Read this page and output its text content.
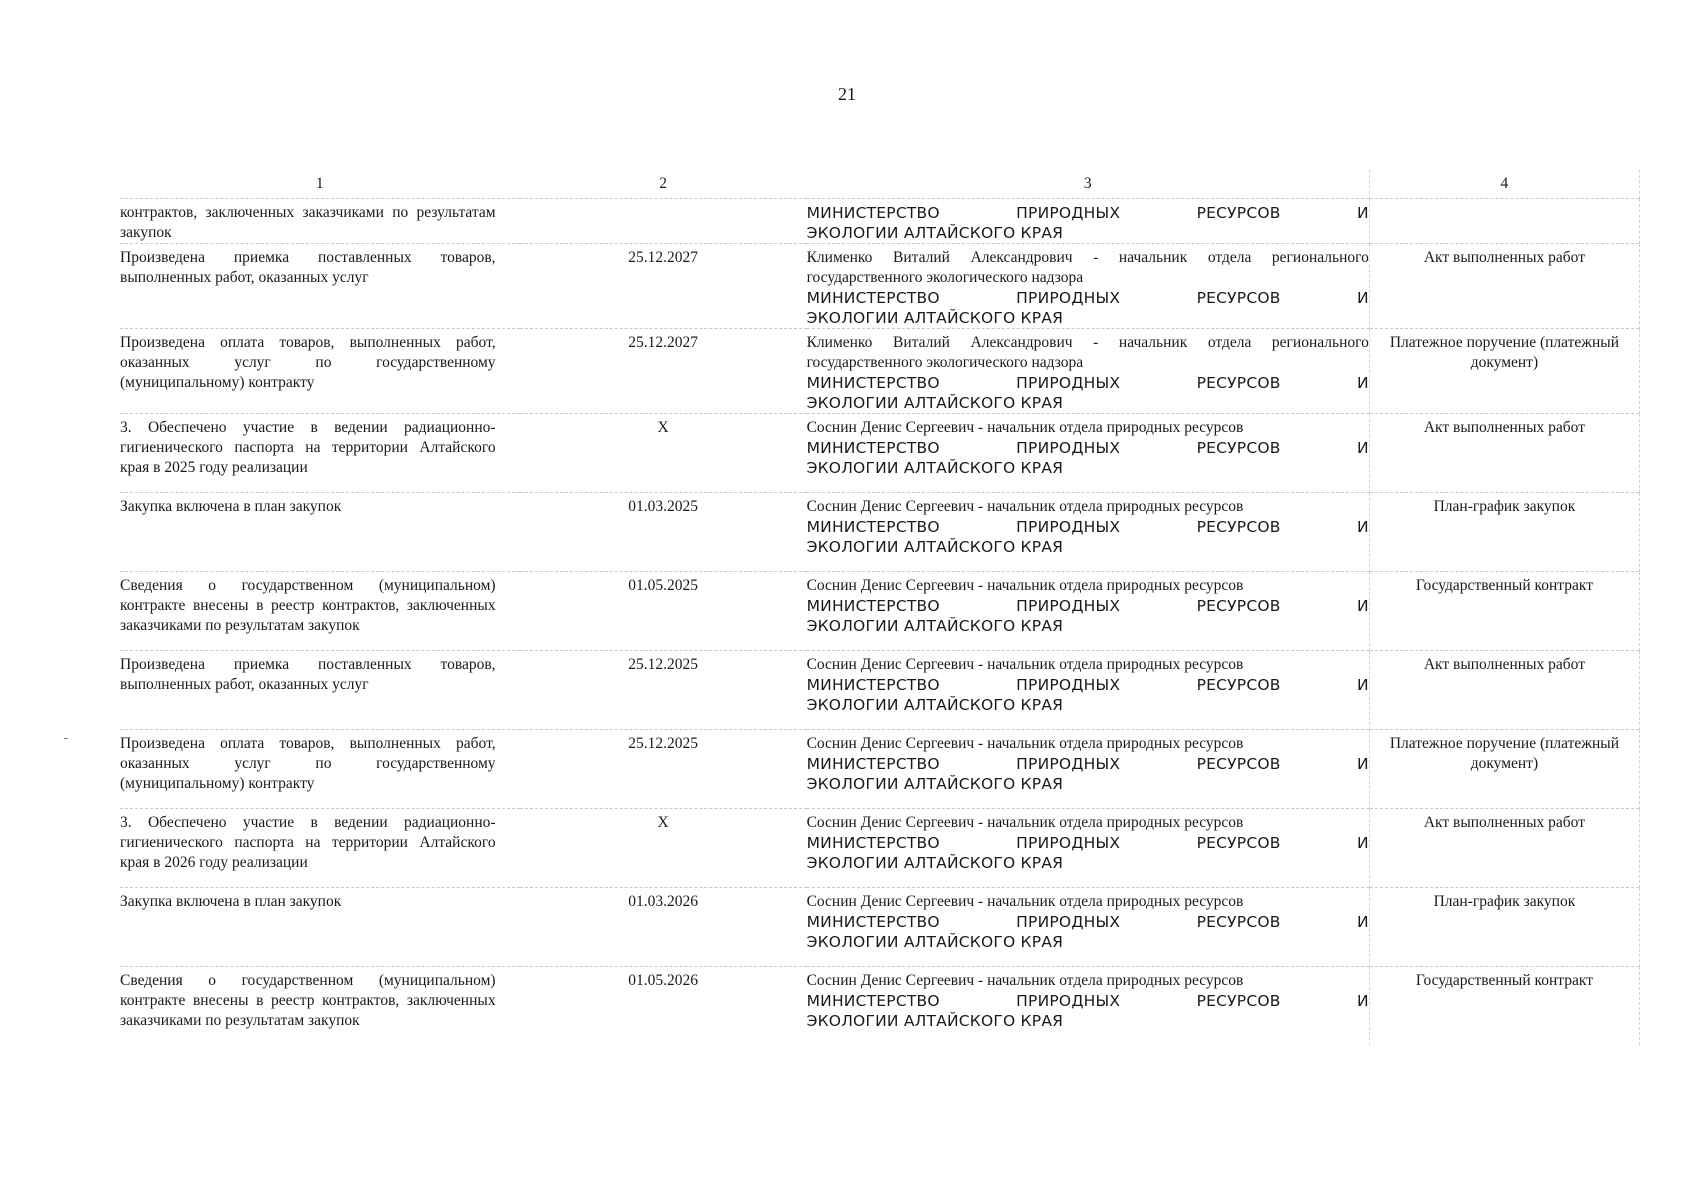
21
1	2		3	4
контрактов, заключенных заказчиками по результатам закупок			МИНИСТЕРСТВО ПРИРОДНЫХ РЕСУРСОВ И
ЭКОЛОГИИ АЛТАЙСКОГО КРАЯ	

Произведена приемка поставленных товаров, выполненных работ, оказанных услуг	25.12.2027		Клименко Виталий Александрович - начальник отдела регионального государственного экологического надзора
МИНИСТЕРСТВО ПРИРОДНЫХ РЕСУРСОВ И
ЭКОЛОГИИ АЛТАЙСКОГО КРАЯ	Акт выполненных работ
Произведена оплата товаров, выполненных работ, оказанных услуг по государственному (муниципальному) контракту	25.12.2027		Клименко Виталий Александрович - начальник отдела регионального государственного экологического надзора
МИНИСТЕРСТВО ПРИРОДНЫХ РЕСУРСОВ И
ЭКОЛОГИИ АЛТАЙСКОГО КРАЯ	Платежное поручение (платежный документ)
3. Обеспечено участие в ведении радиационно-гигиенического паспорта на территории Алтайского края в 2025 году реализации	X		Соснин Денис Сергеевич - начальник отдела природных ресурсов
МИНИСТЕРСТВО ПРИРОДНЫХ РЕСУРСОВ И
ЭКОЛОГИИ АЛТАЙСКОГО КРАЯ	Акт выполненных работ
Закупка включена в план закупок	01.03.2025		Соснин Денис Сергеевич - начальник отдела природных ресурсов
МИНИСТЕРСТВО ПРИРОДНЫХ РЕСУРСОВ И
ЭКОЛОГИИ АЛТАЙСКОГО КРАЯ	План-график закупок
Сведения о государственном (муниципальном) контракте внесены в реестр контрактов, заключенных заказчиками по результатам закупок	01.05.2025		Соснин Денис Сергеевич - начальник отдела природных ресурсов
МИНИСТЕРСТВО ПРИРОДНЫХ РЕСУРСОВ И
ЭКОЛОГИИ АЛТАЙСКОГО КРАЯ	Государственный контракт
Произведена приемка поставленных товаров, выполненных работ, оказанных услуг	25.12.2025		Соснин Денис Сергеевич - начальник отдела природных ресурсов
МИНИСТЕРСТВО ПРИРОДНЫХ РЕСУРСОВ И
ЭКОЛОГИИ АЛТАЙСКОГО КРАЯ	Акт выполненных работ
Произведена оплата товаров, выполненных работ, оказанных услуг по государственному (муниципальному) контракту	25.12.2025		Соснин Денис Сергеевич - начальник отдела природных ресурсов
МИНИСТЕРСТВО ПРИРОДНЫХ РЕСУРСОВ И
ЭКОЛОГИИ АЛТАЙСКОГО КРАЯ	Платежное поручение (платежный документ)
3. Обеспечено участие в ведении радиационно-гигиенического паспорта на территории Алтайского края в 2026 году реализации	X		Соснин Денис Сергеевич - начальник отдела природных ресурсов
МИНИСТЕРСТВО ПРИРОДНЫХ РЕСУРСОВ И
ЭКОЛОГИИ АЛТАЙСКОГО КРАЯ	Акт выполненных работ
Закупка включена в план закупок	01.03.2026		Соснин Денис Сергеевич - начальник отдела природных ресурсов
МИНИСТЕРСТВО ПРИРОДНЫХ РЕСУРСОВ И
ЭКОЛОГИИ АЛТАЙСКОГО КРАЯ	План-график закупок
Сведения о государственном (муниципальном) контракте внесены в реестр контрактов, заключенных заказчиками по результатам закупок	01.05.2026		Соснин Денис Сергеевич - начальник отдела природных ресурсов
МИНИСТЕРСТВО ПРИРОДНЫХ РЕСУРСОВ И
ЭКОЛОГИИ АЛТАЙСКОГО КРАЯ	Государственный контракт
